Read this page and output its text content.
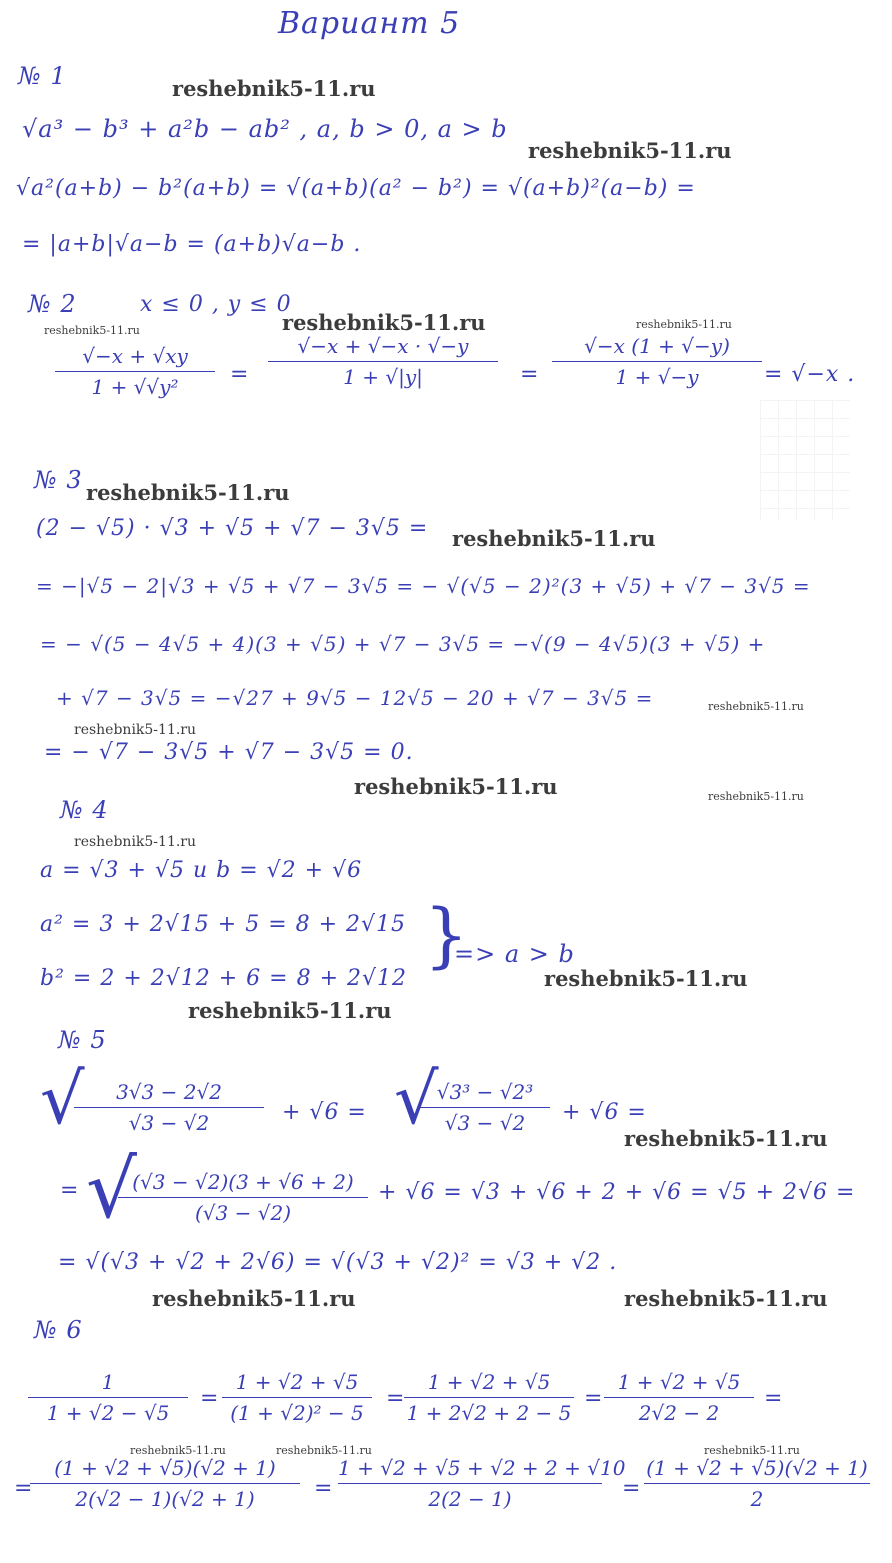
Вариант 5
№ 1	reshebnik5-11.ru
√a³ − b³ + a²b − ab² , a, b > 0, a > b
reshebnik5-11.ru
√a²(a+b) − b²(a+b) = √(a+b)(a² − b²) = √(a+b)²(a−b) =
= |a+b|√a−b = (a+b)√a−b .
№ 2	x ≤ 0 , y ≤ 0
reshebnik5-11.ru	reshebnik5-11.ru	reshebnik5-11.ru
√−x + √xy
1 + √√y²	=
√−x + √−x · √−y
1 + √|y|	=
√−x (1 + √−y)
1 + √−y	= √−x .
№ 3 reshebnik5-11.ru
(2 − √5) · √3 + √5 + √7 − 3√5 = reshebnik5-11.ru
= −|√5 − 2|√3 + √5 + √7 − 3√5 = − √(√5 − 2)²(3 + √5) + √7 − 3√5 =
= − √(5 − 4√5 + 4)(3 + √5) + √7 − 3√5 = −√(9 − 4√5)(3 + √5) +
+ √7 − 3√5 = −√27 + 9√5 − 12√5 − 20 + √7 − 3√5 =	reshebnik5-11.ru
reshebnik5-11.ru
= − √7 − 3√5 + √7 − 3√5 = 0.
reshebnik5-11.ru	reshebnik5-11.ru
№ 4
reshebnik5-11.ru
a = √3 + √5 и b = √2 + √6
a² = 3 + 2√15 + 5 = 8 + 2√15 }
=> a > b
b² = 2 + 2√12 + 6 = 8 + 2√12	reshebnik5-11.ru
reshebnik5-11.ru
№ 5
√	3√3 − 2√2
√3 − √2	+ √6 = √
√3³ − √2³
√3 − √2	+ √6 =
reshebnik5-11.ru
= √
(√3 − √2)(3 + √6 + 2)
(√3 − √2)
+ √6 = √3 + √6 + 2 + √6 = √5 + 2√6 =
= √(√3 + √2 + 2√6) = √(√3 + √2)² = √3 + √2 .
reshebnik5-11.ru	reshebnik5-11.ru
№ 6
1
1 + √2 − √5
=
1 + √2 + √5
(1 + √2)² − 5
=
1 + √2 + √5
1 + 2√2 + 2 − 5
=
1 + √2 + √5
2√2 − 2
=
reshebnik5-11.ru	reshebnik5-11.ru	reshebnik5-11.ru
=
(1 + √2 + √5)(√2 + 1)
2(√2 − 1)(√2 + 1)	=
1 + √2 + √5 + √2 + 2 + √10
2(2 − 1)	=
(1 + √2 + √5)(√2 + 1)
2
